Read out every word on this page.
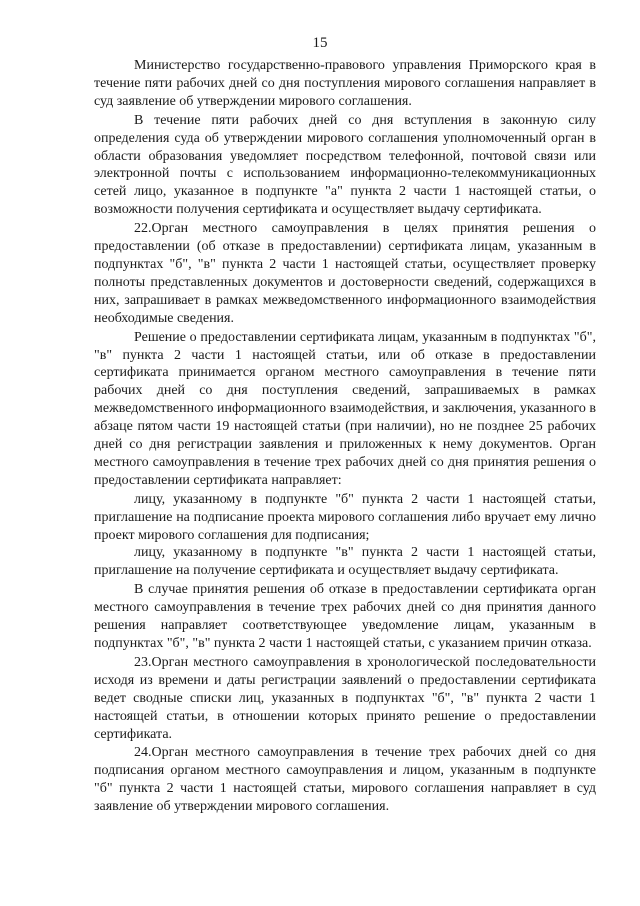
15

Министерство государственно-правового управления Приморского края в течение пяти рабочих дней со дня поступления мирового соглашения направляет в суд заявление об утверждении мирового соглашения.

В течение пяти рабочих дней со дня вступления в законную силу определения суда об утверждении мирового соглашения уполномоченный орган в области образования уведомляет посредством телефонной, почтовой связи или электронной почты с использованием информационно-телекоммуникационных сетей лицо, указанное в подпункте "а" пункта 2 части 1 настоящей статьи, о возможности получения сертификата и осуществляет выдачу сертификата.

22.Орган местного самоуправления в целях принятия решения о предоставлении (об отказе в предоставлении) сертификата лицам, указанным в подпунктах "б", "в" пункта 2 части 1 настоящей статьи, осуществляет проверку полноты представленных документов и достоверности сведений, содержащихся в них, запрашивает в рамках межведомственного информационного взаимодействия необходимые сведения.

Решение о предоставлении сертификата лицам, указанным в подпунктах "б", "в" пункта 2 части 1 настоящей статьи, или об отказе в предоставлении сертификата принимается органом местного самоуправления в течение пяти рабочих дней со дня поступления сведений, запрашиваемых в рамках межведомственного информационного взаимодействия, и заключения, указанного в абзаце пятом части 19 настоящей статьи (при наличии), но не позднее 25 рабочих дней со дня регистрации заявления и приложенных к нему документов. Орган местного самоуправления в течение трех рабочих дней со дня принятия решения о предоставлении сертификата направляет:

лицу, указанному в подпункте "б" пункта 2 части 1 настоящей статьи, приглашение на подписание проекта мирового соглашения либо вручает ему лично проект мирового соглашения для подписания;

лицу, указанному в подпункте "в" пункта 2 части 1 настоящей статьи, приглашение на получение сертификата и осуществляет выдачу сертификата.

В случае принятия решения об отказе в предоставлении сертификата орган местного самоуправления в течение трех рабочих дней со дня принятия данного решения направляет соответствующее уведомление лицам, указанным в подпунктах "б", "в" пункта 2 части 1 настоящей статьи, с указанием причин отказа.

23.Орган местного самоуправления в хронологической последовательности исходя из времени и даты регистрации заявлений о предоставлении сертификата ведет сводные списки лиц, указанных в подпунктах "б", "в" пункта 2 части 1 настоящей статьи, в отношении которых принято решение о предоставлении сертификата.

24.Орган местного самоуправления в течение трех рабочих дней со дня подписания органом местного самоуправления и лицом, указанным в подпункте "б" пункта 2 части 1 настоящей статьи, мирового соглашения направляет в суд заявление об утверждении мирового соглашения.
